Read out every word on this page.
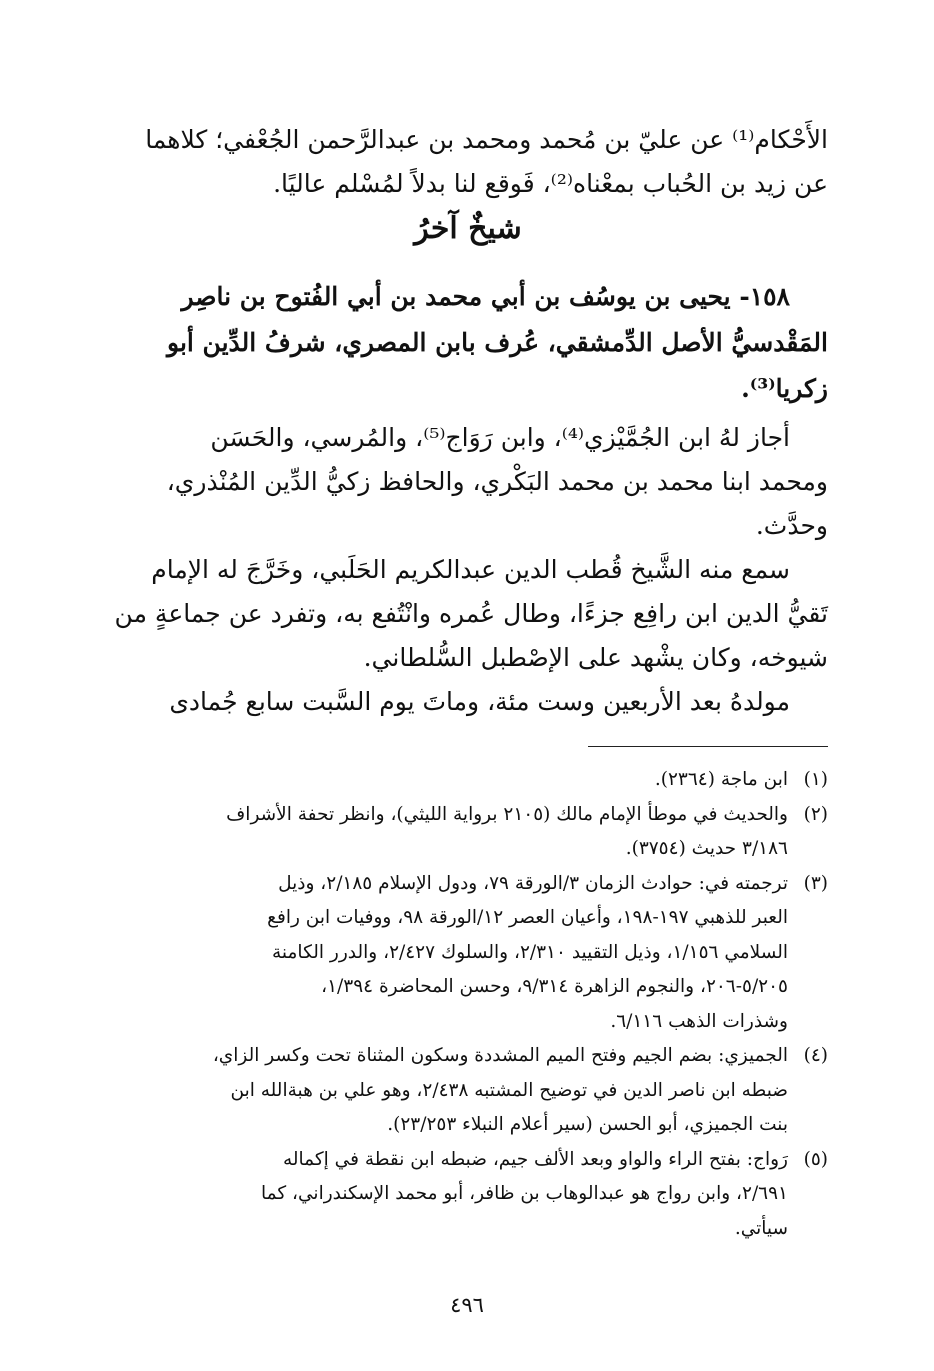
الأَحْكام⁽¹⁾ عن عليّ بن مُحمد ومحمد بن عبدالرَّحمن الجُعْفي؛ كلاهما
عن زيد بن الحُباب بمعْناه⁽²⁾، فَوقع لنا بدلاً لمُسْلم عاليًا.
شيخٌ آخرُ
١٥٨- يحيى بن يوسُف بن أبي محمد بن أبي الفُتوح بن ناصِر
المَقْدسيُّ الأصل الدِّمشقي، عُرف بابن المصري، شرفُ الدِّين أبو
زكريا⁽³⁾.
أجاز لهُ ابن الجُمَّيْزي⁽⁴⁾، وابن رَوَاج⁽⁵⁾، والمُرسي، والحَسَن
ومحمد ابنا محمد بن محمد البَكْري، والحافظ زكيُّ الدِّين المُنْذري،
وحدَّث.
سمع منه الشَّيخ قُطب الدين عبدالكريم الحَلَبي، وخَرَّجَ له الإمام
تَقيُّ الدين ابن رافِع جزءًا، وطال عُمره وانْتُفع به، وتفرد عن جماعةٍ من
شيوخه، وكان يشْهد على الإصْطبل السُّلطاني.
مولدهُ بعد الأربعين وست مئة، وماتَ يوم السَّبت سابع جُمادى
(١)
ابن ماجة (٢٣٦٤).
(٢)
والحديث في موطأ الإمام مالك (٢١٠٥ برواية الليثي)، وانظر تحفة الأشراف
٣/١٨٦ حديث (٣٧٥٤).
(٣)
ترجمته في: حوادث الزمان ٣/الورقة ٧٩، ودول الإسلام ٢/١٨٥، وذيل
العبر للذهبي ١٩٧-١٩٨، وأعيان العصر ١٢/الورقة ٩٨، ووفيات ابن رافع
السلامي ١/١٥٦، وذيل التقييد ٢/٣١٠، والسلوك ٢/٤٢٧، والدرر الكامنة
٥/٢٠٥-٢٠٦، والنجوم الزاهرة ٩/٣١٤، وحسن المحاضرة ١/٣٩٤،
وشذرات الذهب ٦/١١٦.
(٤)
الجميزي: بضم الجيم وفتح الميم المشددة وسكون المثناة تحت وكسر الزاي،
ضبطه ابن ناصر الدين في توضيح المشتبه ٢/٤٣٨، وهو علي بن هبةالله ابن
بنت الجميزي، أبو الحسن (سير أعلام النبلاء ٢٣/٢٥٣).
(٥)
رَواج: بفتح الراء والواو وبعد الألف جيم، ضبطه ابن نقطة في إكماله
٢/٦٩١، وابن رواج هو عبدالوهاب بن ظافر، أبو محمد الإسكندراني، كما
سيأتي.
٤٩٦
